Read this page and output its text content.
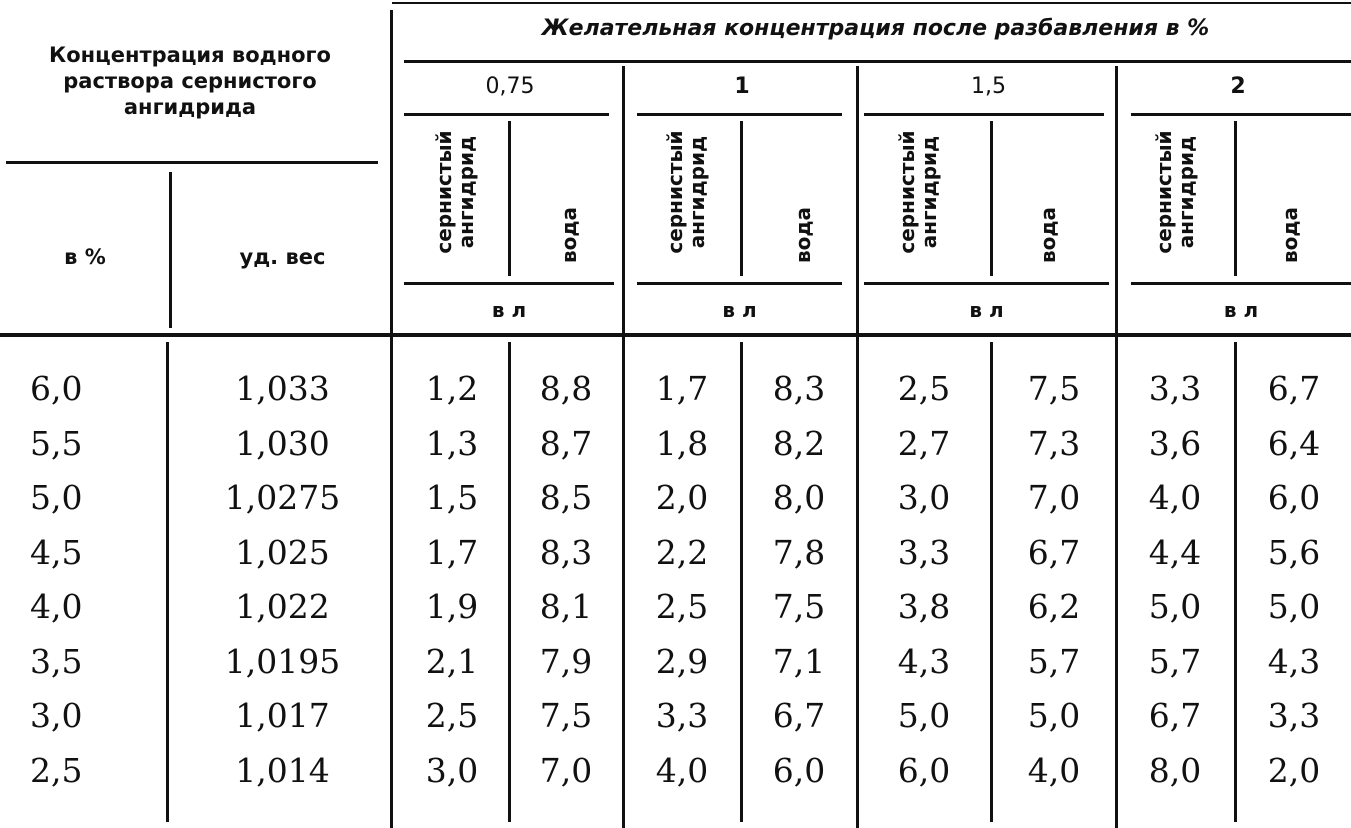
Концентрация водного раствора сернистого ангидрида
в %	уд. вес
Желательная концентрация после разбавления в %
0,75	1	1,5	2
сернистый ангидрид	вода	сернистый ангидрид	вода	сернистый ангидрид	вода	сернистый ангидрид	вода
в л	в л	в л	в л
6,0	1,033	1,2	8,8	1,7	8,3	2,5	7,5	3,3	6,7
5,5	1,030	1,3	8,7	1,8	8,2	2,7	7,3	3,6	6,4
5,0	1,0275	1,5	8,5	2,0	8,0	3,0	7,0	4,0	6,0
4,5	1,025	1,7	8,3	2,2	7,8	3,3	6,7	4,4	5,6
4,0	1,022	1,9	8,1	2,5	7,5	3,8	6,2	5,0	5,0
3,5	1,0195	2,1	7,9	2,9	7,1	4,3	5,7	5,7	4,3
3,0	1,017	2,5	7,5	3,3	6,7	5,0	5,0	6,7	3,3
2,5	1,014	3,0	7,0	4,0	6,0	6,0	4,0	8,0	2,0
